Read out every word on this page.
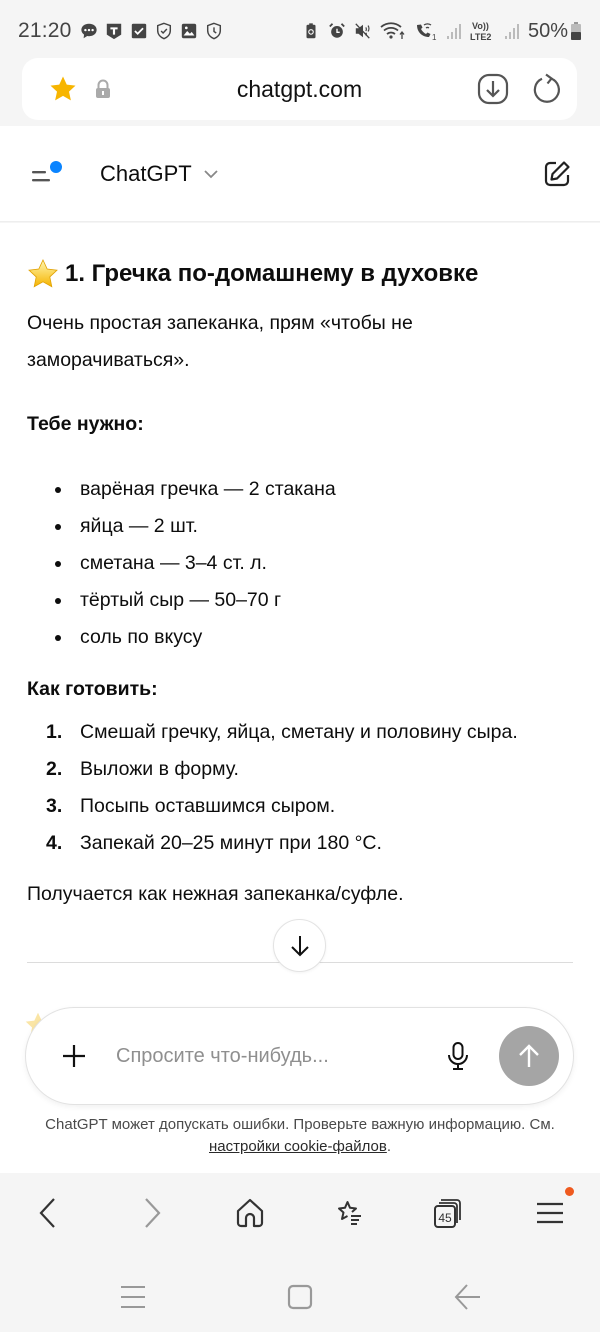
21:20	1
Vo))
LTE2 50%
chatgpt.com
ChatGPT
1. Гречка по-домашнему в духовке

Очень простая запеканка, прям «чтобы не заморачиваться».

Тебе нужно:

варёная гречка — 2 стакана
яйца — 2 шт.
сметана — 3–4 ст. л.
тёртый сыр — 50–70 г
соль по вкусу

Как готовить:

1. Смешай гречку, яйца, сметану и половину сыра.
2. Выложи в форму.
3. Посыпь оставшимся сыром.
4. Запекай 20–25 минут при 180 °C.

Получается как нежная запеканка/суфле.

Спросите что-нибудь...
ChatGPT может допускать ошибки. Проверьте важную информацию. См.
настройки cookie-файлов.
45
